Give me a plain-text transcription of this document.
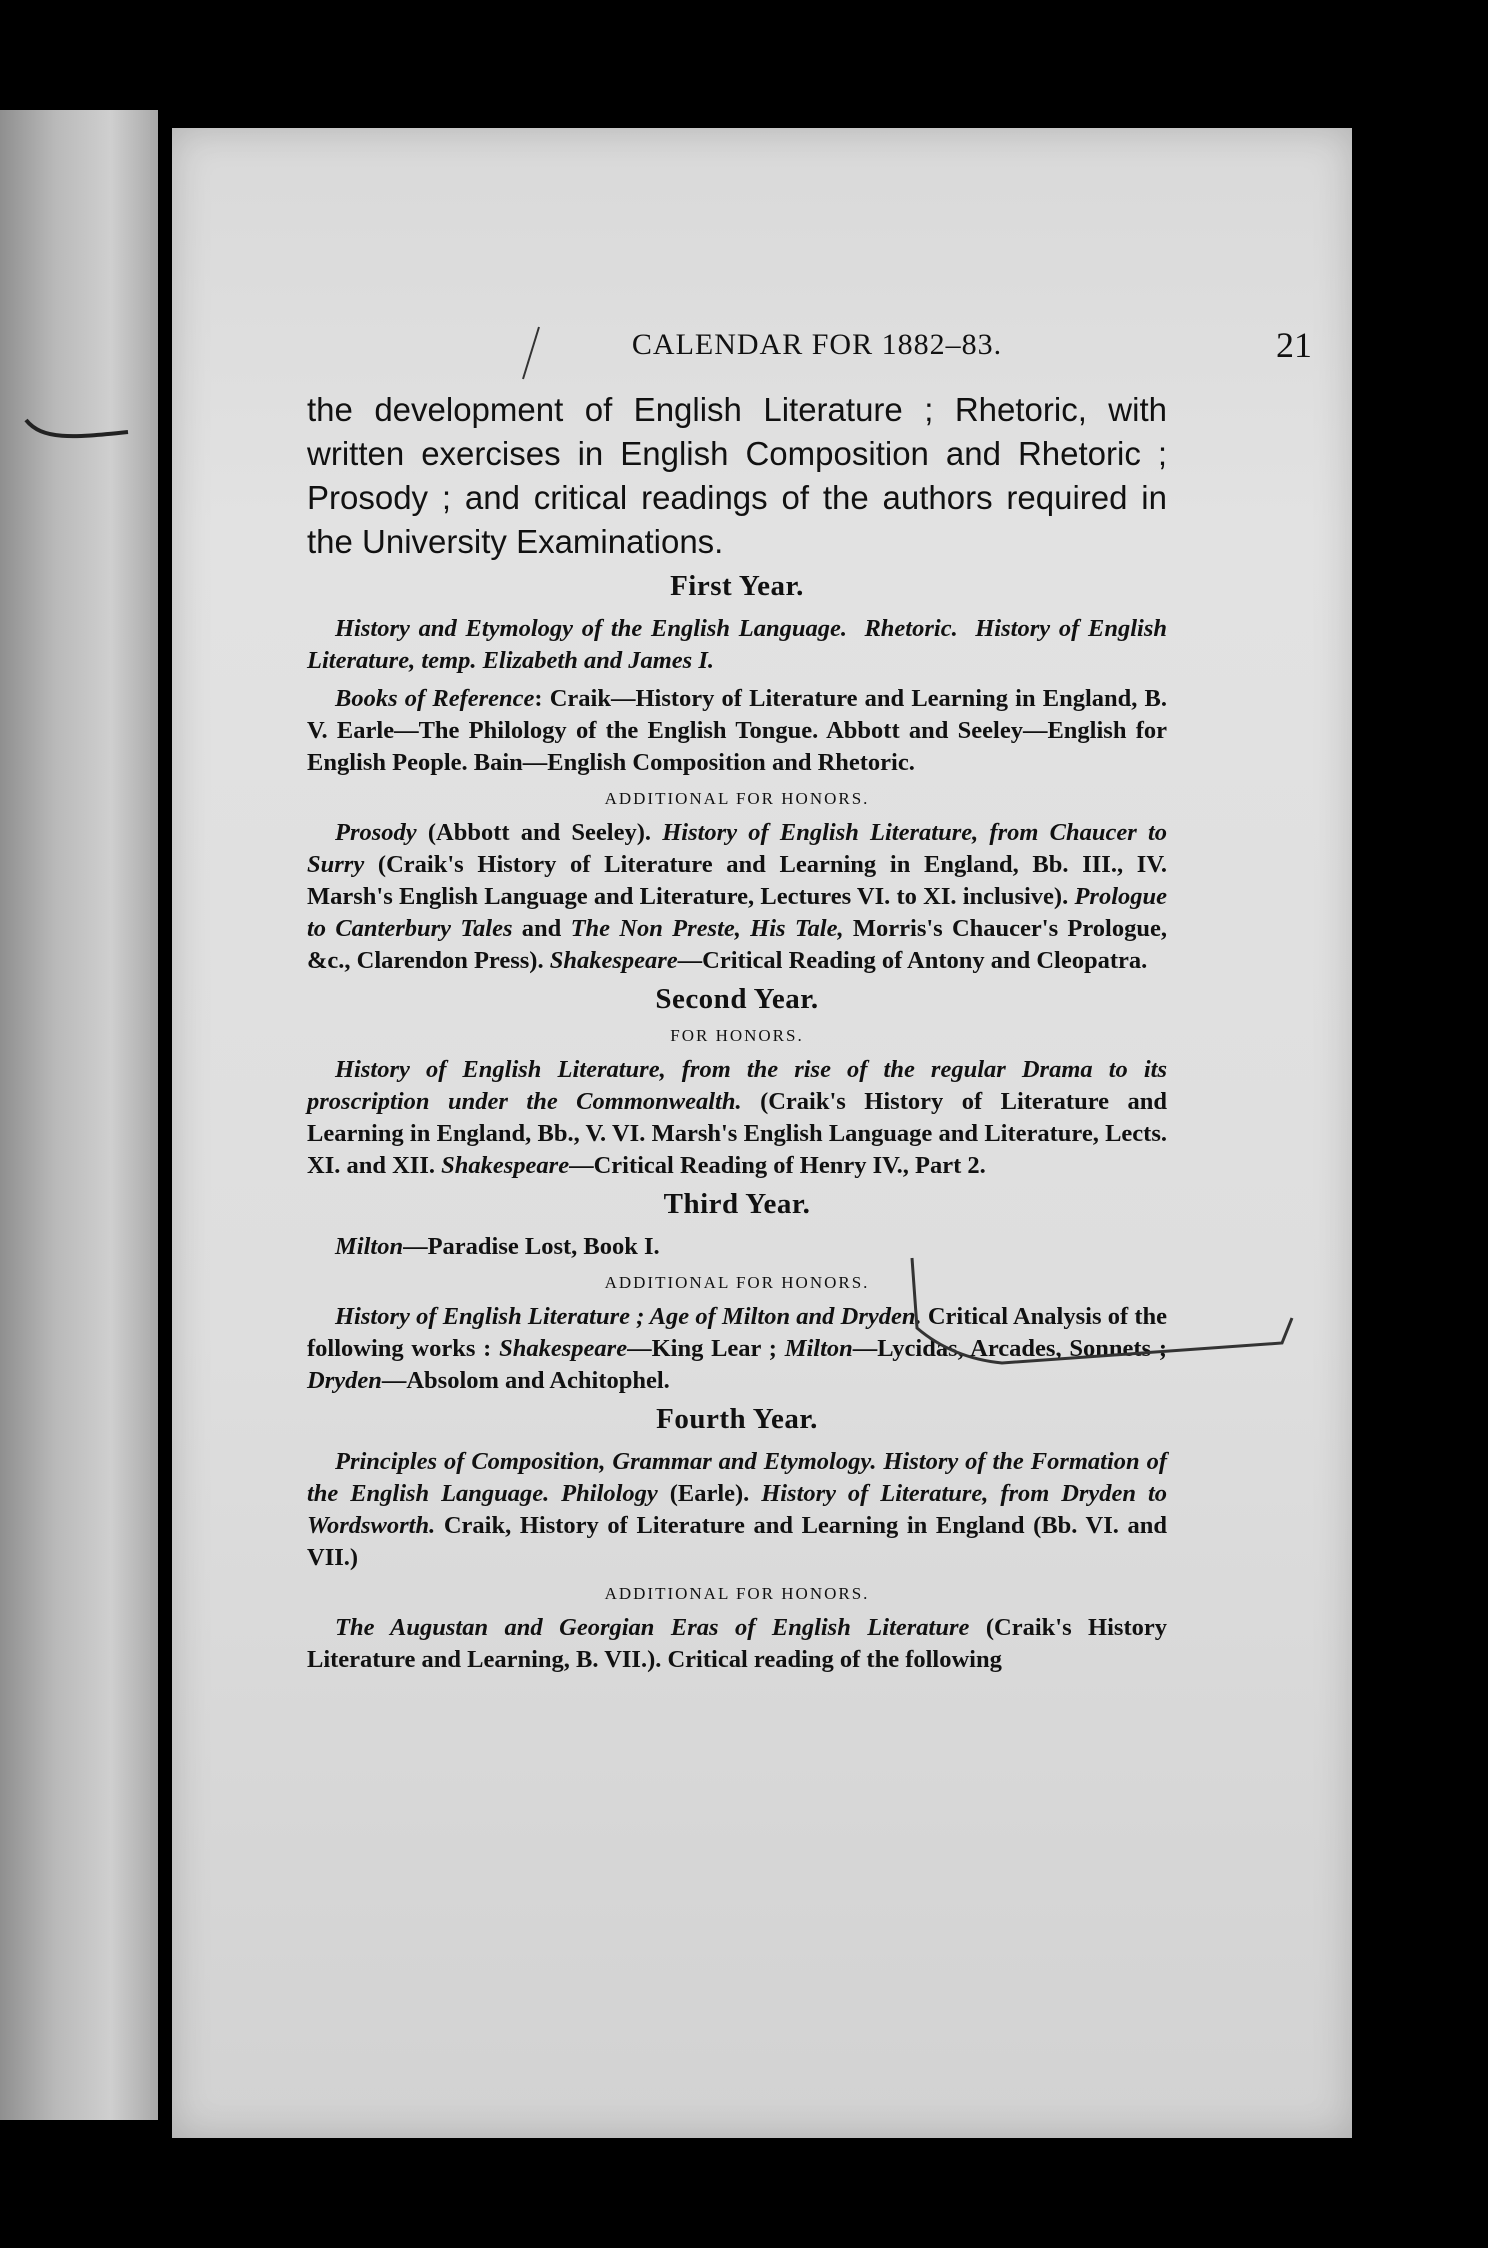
CALENDAR FOR 1882–83.	21

the development of English Literature ; Rhetoric, with written exercises in English Composition and Rhetoric ; Prosody ; and critical readings of the authors required in the University Examinations.

First Year.

History and Etymology of the English Language. Rhetoric. History of English Literature, temp. Elizabeth and James I.

Books of Reference: Craik—History of Literature and Learning in England, B. V. Earle—The Philology of the English Tongue. Abbott and Seeley—English for English People. Bain—English Composition and Rhetoric.

ADDITIONAL FOR HONORS.

Prosody (Abbott and Seeley). History of English Literature, from Chaucer to Surry (Craik's History of Literature and Learning in England, Bb. III., IV. Marsh's English Language and Literature, Lectures VI. to XI. inclusive). Prologue to Canterbury Tales and The Non Preste, His Tale, Morris's Chaucer's Prologue, &c., Clarendon Press). Shakespeare—Critical Reading of Antony and Cleopatra.

Second Year.
FOR HONORS.

History of English Literature, from the rise of the regular Drama to its proscription under the Commonwealth. (Craik's History of Literature and Learning in England, Bb., V. VI. Marsh's English Language and Literature, Lects. XI. and XII. Shakespeare—Critical Reading of Henry IV., Part 2.

Third Year.

Milton—Paradise Lost, Book I.

ADDITIONAL FOR HONORS.

History of English Literature ; Age of Milton and Dryden. Critical Analysis of the following works : Shakespeare—King Lear ; Milton—Lycidas, Arcades, Sonnets ; Dryden—Absolom and Achitophel.

Fourth Year.

Principles of Composition, Grammar and Etymology. History of the Formation of the English Language. Philology (Earle). History of Literature, from Dryden to Wordsworth. Craik, History of Literature and Learning in England (Bb. VI. and VII.)

ADDITIONAL FOR HONORS.

The Augustan and Georgian Eras of English Literature (Craik's History Literature and Learning, B. VII.). Critical reading of the following
